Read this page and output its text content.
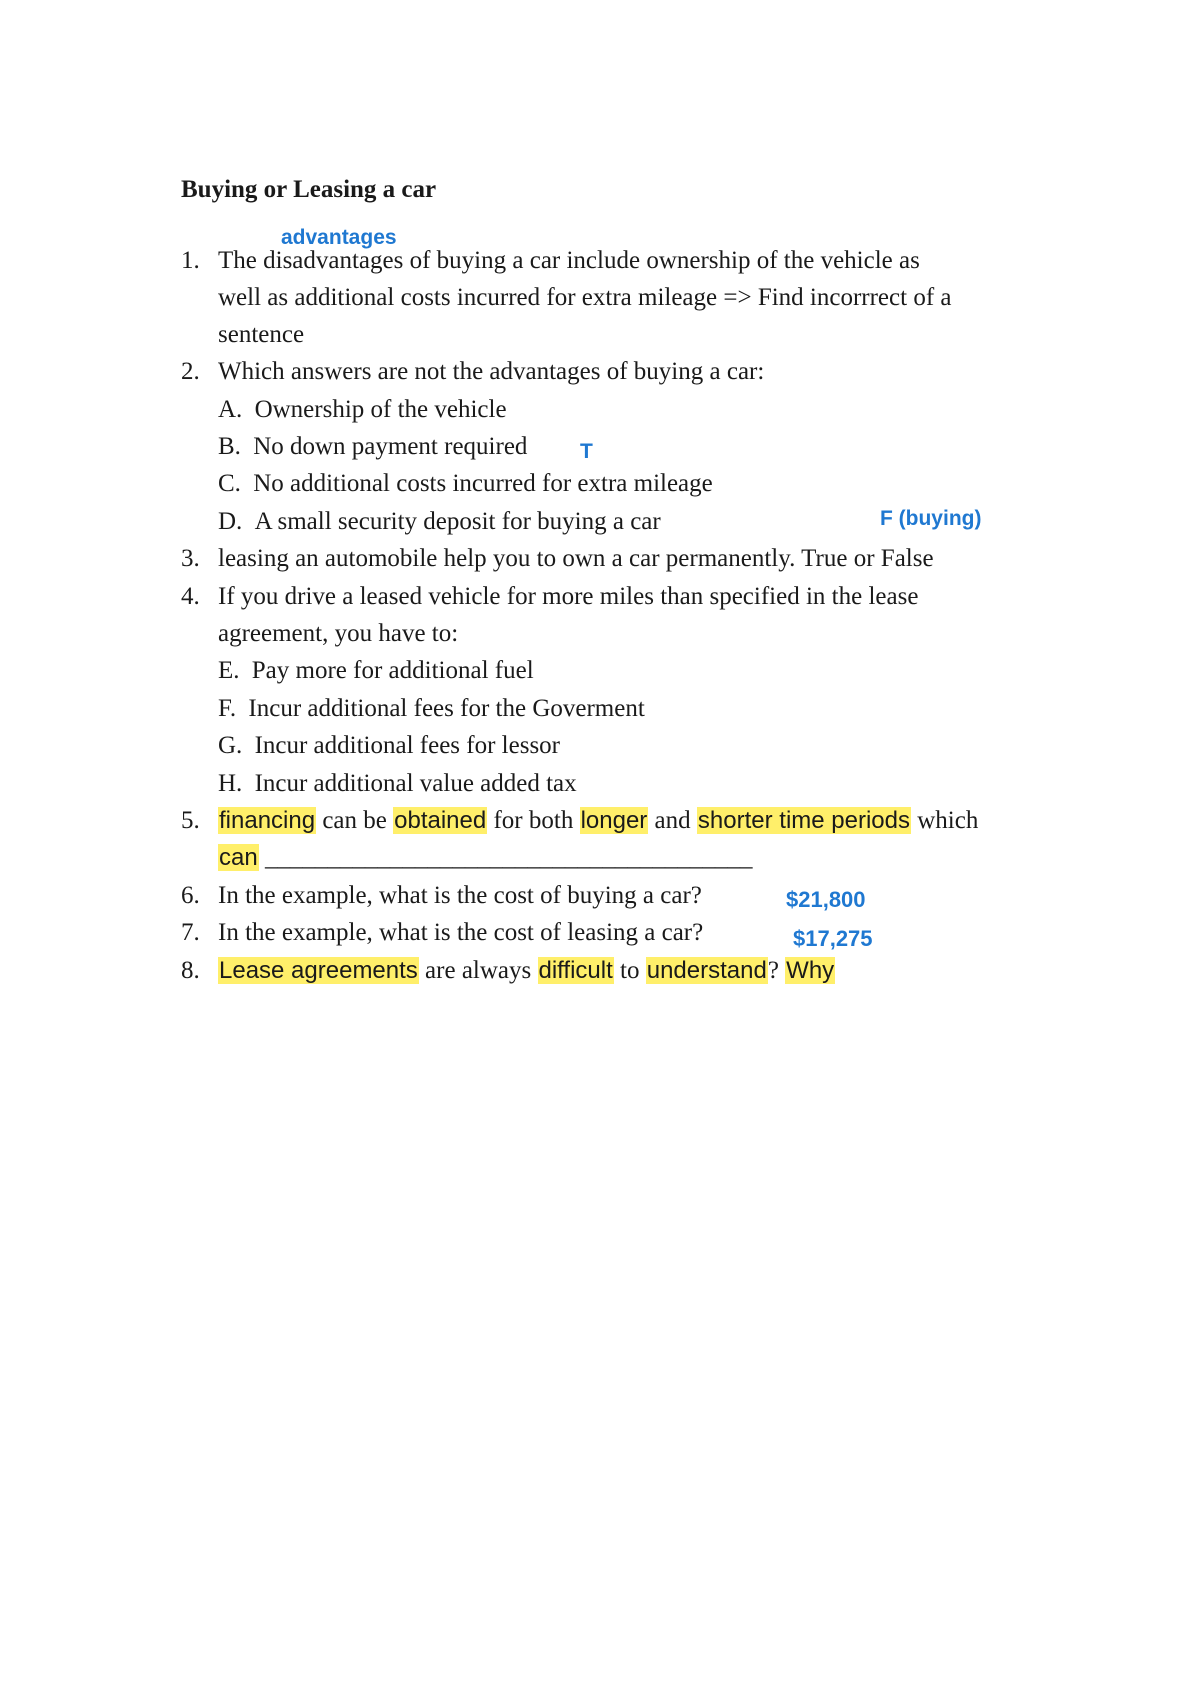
Buying or Leasing a car
advantages
1. The disadvantages of buying a car include ownership of the vehicle as
well as additional costs incurred for extra mileage => Find incorrrect of a
sentence
2. Which answers are not the advantages of buying a car:
A. Ownership of the vehicle
B. No down payment required	T
C. No additional costs incurred for extra mileage
D. A small security deposit for buying a car	F (buying)
3. leasing an automobile help you to own a car permanently. True or False
4. If you drive a leased vehicle for more miles than specified in the lease
agreement, you have to:
E. Pay more for additional fuel
F. Incur additional fees for the Goverment
G. Incur additional fees for lessor
H. Incur additional value added tax
5. financing can be obtained for both longer and shorter time periods which
can _______________________________________
6. In the example, what is the cost of buying a car?	$21,800
7. In the example, what is the cost of leasing a car?	$17,275
8. Lease agreements are always difficult to understand? Why
